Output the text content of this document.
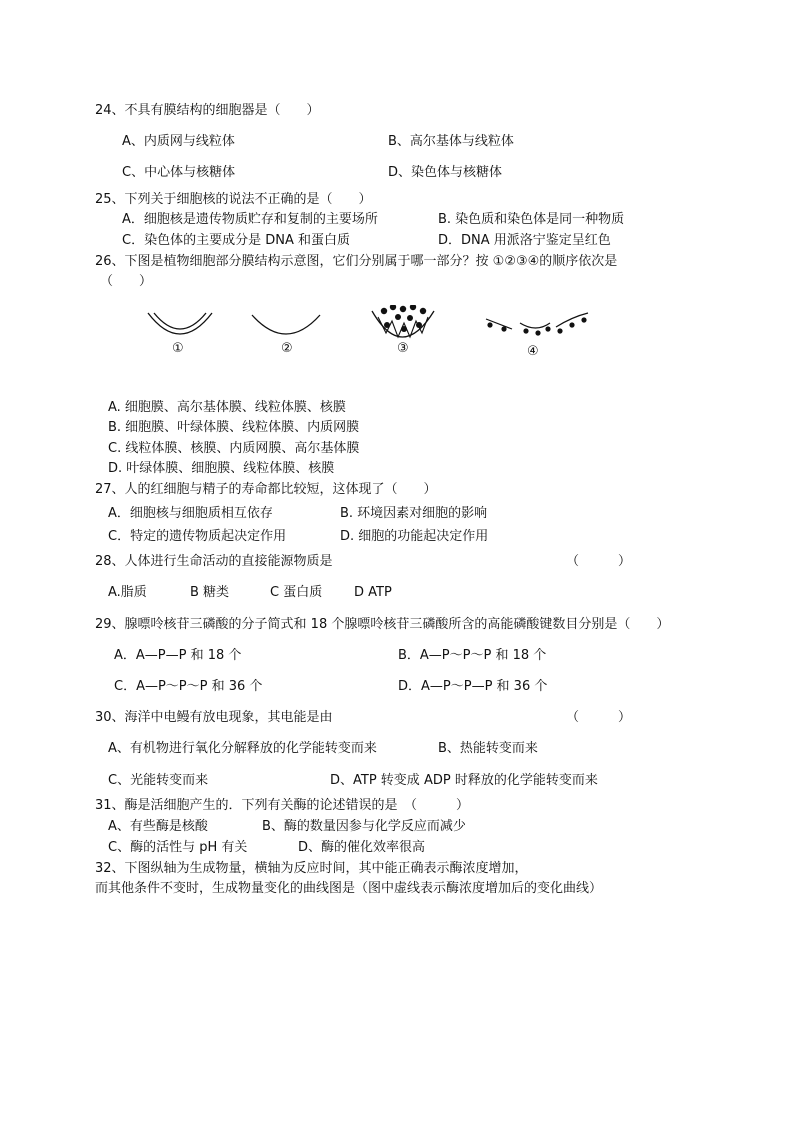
24、不具有膜结构的细胞器是（　　）
A、内质网与线粒体	B、高尔基体与线粒体
C、中心体与核糖体	D、染色体与核糖体
25、下列关于细胞核的说法不正确的是（　　）
A．细胞核是遗传物质贮存和复制的主要场所	B. 染色质和染色体是同一种物质
C．染色体的主要成分是 DNA 和蛋白质	D．DNA 用派洛宁鉴定呈红色
26、下图是植物细胞部分膜结构示意图，它们分别属于哪一部分？按 ①②③④的顺序依次是
（　　）
①	②	③	④
A. 细胞膜、高尔基体膜、线粒体膜、核膜
B. 细胞膜、叶绿体膜、线粒体膜、内质网膜
C. 线粒体膜、核膜、内质网膜、高尔基体膜
D. 叶绿体膜、细胞膜、线粒体膜、核膜
27、人的红细胞与精子的寿命都比较短，这体现了（　　）
A．细胞核与细胞质相互依存	B. 环境因素对细胞的影响
C．特定的遗传物质起决定作用	D. 细胞的功能起决定作用
28、人体进行生命活动的直接能源物质是	（　　　）
A.脂质	B 糖类	C 蛋白质 D ATP
29、腺嘌呤核苷三磷酸的分子简式和 18 个腺嘌呤核苷三磷酸所含的高能磷酸键数目分别是（　　）
A．A—P—P 和 18 个	B．A—P～P～P 和 18 个
C．A—P～P～P 和 36 个	D．A—P～P—P 和 36 个
30、海洋中电鳗有放电现象，其电能是由	（　　　）
A、有机物进行氧化分解释放的化学能转变而来	B、热能转变而来
C、光能转变而来	D、ATP 转变成 ADP 时释放的化学能转变而来
31、酶是活细胞产生的．下列有关酶的论述错误的是　（　　　）
A、有些酶是核酸	B、酶的数量因参与化学反应而减少
C、酶的活性与 pH 有关	D、酶的催化效率很高
32、下图纵轴为生成物量，横轴为反应时间，其中能正确表示酶浓度增加，
而其他条件不变时，生成物量变化的曲线图是（图中虚线表示酶浓度增加后的变化曲线）
